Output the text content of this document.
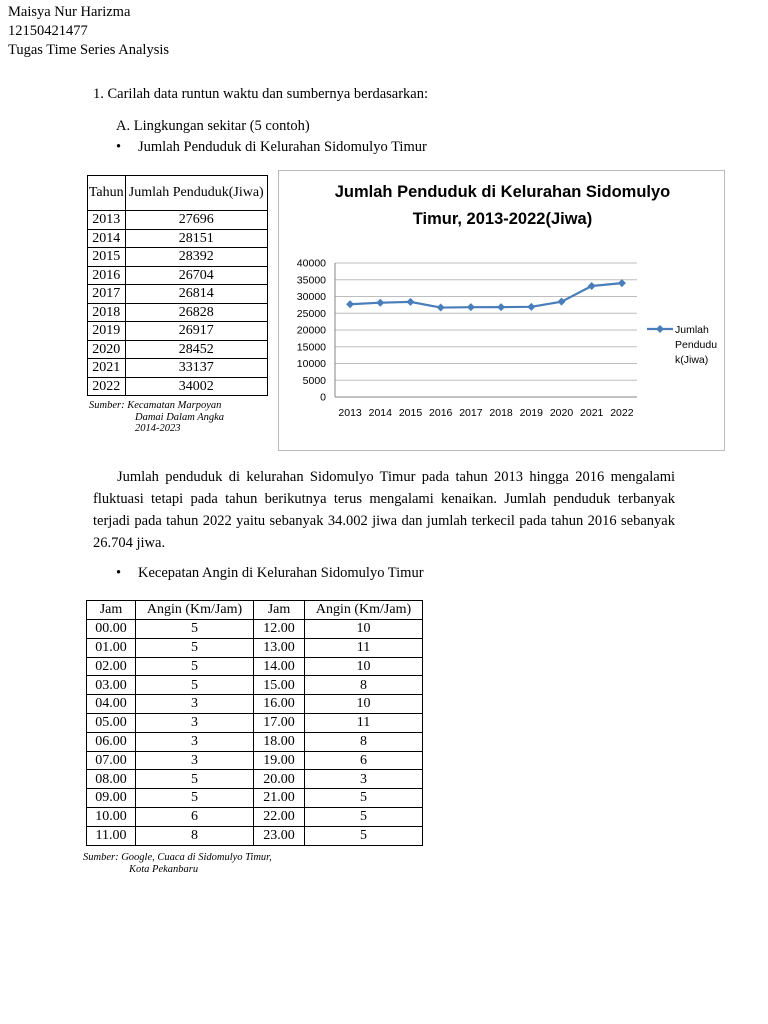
Maisya Nur Harizma
12150421477
Tugas Time Series Analysis
1. Carilah data runtun waktu dan sumbernya berdasarkan:
A. Lingkungan sekitar (5 contoh)
• Jumlah Penduduk di Kelurahan Sidomulyo Timur
Tahun	Jumlah Penduduk(Jiwa)
2013	27696
2014	28151
2015	28392
2016	26704
2017	26814
2018	26828
2019	26917
2020	28452
2021	33137
2022	34002
Sumber: Kecamatan Marpoyan
Damai Dalam Angka
2014-2023
Jumlah Penduduk di Kelurahan Sidomulyo
Timur, 2013-2022(Jiwa)
0
5000
10000
15000
20000
25000
30000
35000
40000
2013 2014 2015 2016 2017 2018 2019 2020 2021 2022
Jumlah
Pendudu
k(Jiwa)
Jumlah penduduk di kelurahan Sidomulyo Timur pada tahun 2013 hingga 2016 mengalami fluktuasi tetapi pada tahun berikutnya terus mengalami kenaikan. Jumlah penduduk terbanyak terjadi pada tahun 2022 yaitu sebanyak 34.002 jiwa dan jumlah terkecil pada tahun 2016 sebanyak 26.704 jiwa.
• Kecepatan Angin di Kelurahan Sidomulyo Timur
Jam	Angin (Km/Jam)	Jam	Angin (Km/Jam)
00.00	5	12.00	10
01.00	5	13.00	11
02.00	5	14.00	10
03.00	5	15.00	8
04.00	3	16.00	10
05.00	3	17.00	11
06.00	3	18.00	8
07.00	3	19.00	6
08.00	5	20.00	3
09.00	5	21.00	5
10.00	6	22.00	5
11.00	8	23.00	5
Sumber: Google, Cuaca di Sidomulyo Timur,
Kota Pekanbaru
